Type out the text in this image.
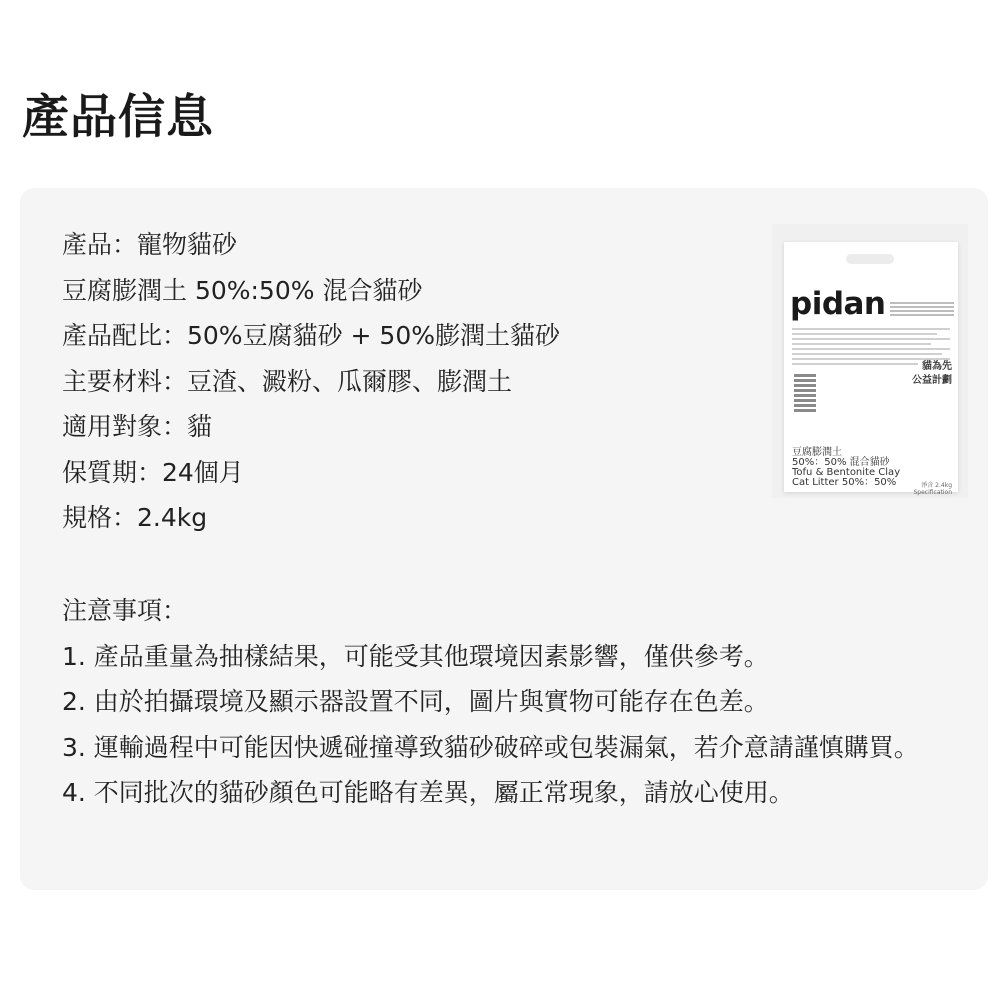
產品信息
產品：寵物貓砂
豆腐膨潤土 50%:50% 混合貓砂
產品配比：50%豆腐貓砂 + 50%膨潤土貓砂
主要材料：豆渣、澱粉、瓜爾膠、膨潤土
適用對象：貓
保質期：24個月
規格：2.4kg
pidan
貓為先
公益計劃
豆腐膨潤土
50%：50% 混合貓砂
Tofu & Bentonite Clay
Cat Litter 50%：50%	淨含 2.4kg
Specification
注意事項：
1. 產品重量為抽樣結果，可能受其他環境因素影響，僅供參考。
2. 由於拍攝環境及顯示器設置不同，圖片與實物可能存在色差。
3. 運輸過程中可能因快遞碰撞導致貓砂破碎或包裝漏氣，若介意請謹慎購買。
4. 不同批次的貓砂顏色可能略有差異，屬正常現象，請放心使用。
